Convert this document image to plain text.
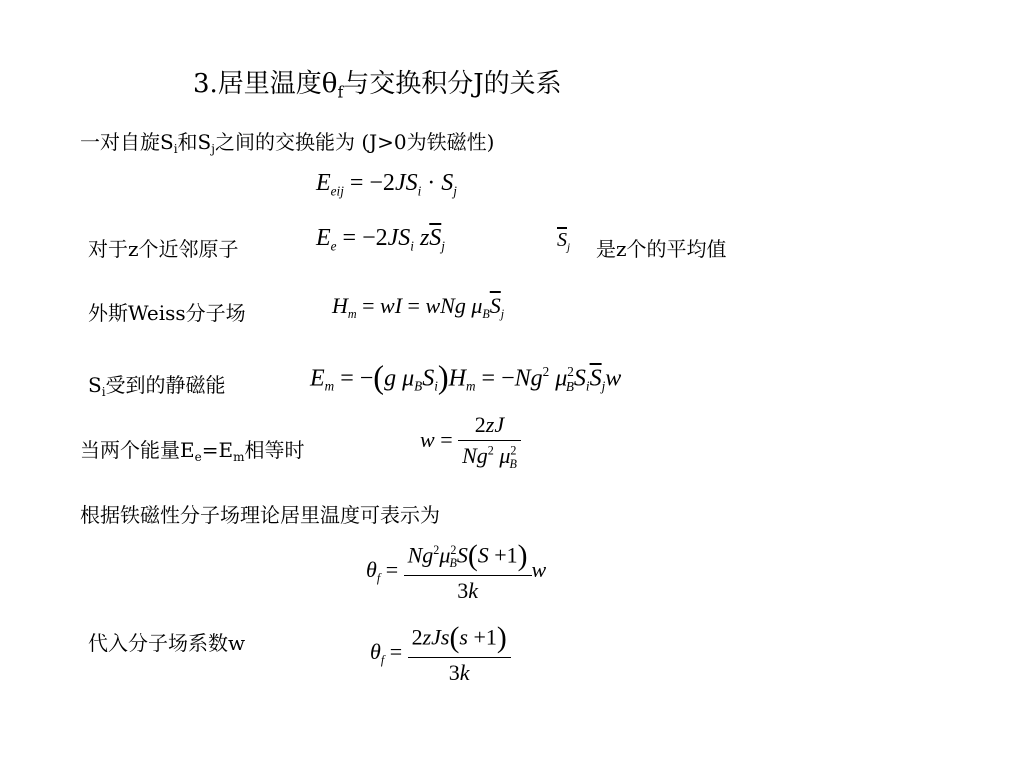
3.居里温度$\theta_f$与交换积分J的关系
一对自旋$S_i$和$S_j$之间的交换能为 (J>0为铁磁性)
$E_{eij} = -2JS_i \cdot S_j$
对于z个近邻原子	$E_e = -2JS_i$ $z\overline{S}_j$	$\overline{S}_j$ 是z个的平均值
外斯Weiss分子场	$H_m$ = wI = wNg $\mu_B\overline{S}_j$
$S_i$受到的静磁能	$E_m = -(g$ $\mu_BS_i)H_m = -Ng^2$ $\mu^2_BS_i\overline{S}_jw$
当两个能量$E_e=E_m$相等时	$w = \frac{2zJ}{Ng^2 \mu^2_B}$
根据铁磁性分子场理论居里温度可表示为
$\theta_f = \frac{Ng^2\mu^2_BS(S +1)}{3k}$ w
代入分子场系数w	$\theta_f = \frac{\text{2zJs(s +1)}}{3k}$
